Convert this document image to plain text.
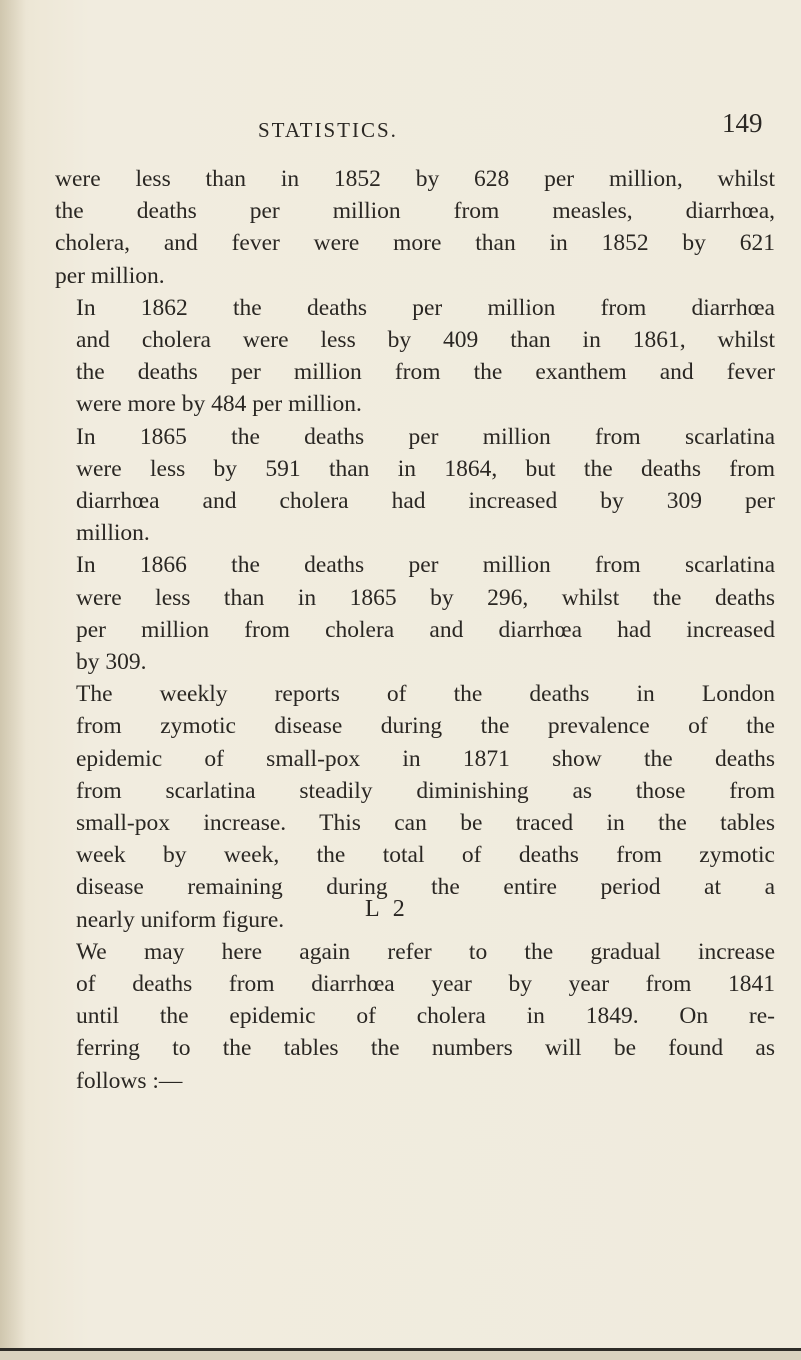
STATISTICS.	149

were less than in 1852 by 628 per million, whilst
the deaths per million from measles, diarrhœa,
cholera, and fever were more than in 1852 by 621
per million.

In 1862 the deaths per million from diarrhœa
and cholera were less by 409 than in 1861, whilst
the deaths per million from the exanthem and fever
were more by 484 per million.

In 1865 the deaths per million from scarlatina
were less by 591 than in 1864, but the deaths from
diarrhœa and cholera had increased by 309 per
million.

In 1866 the deaths per million from scarlatina
were less than in 1865 by 296, whilst the deaths
per million from cholera and diarrhœa had increased
by 309.

The weekly reports of the deaths in London
from zymotic disease during the prevalence of the
epidemic of small-pox in 1871 show the deaths
from scarlatina steadily diminishing as those from
small-pox increase. This can be traced in the tables
week by week, the total of deaths from zymotic
disease remaining during the entire period at a
nearly uniform figure.

We may here again refer to the gradual increase
of deaths from diarrhœa year by year from 1841
until the epidemic of cholera in 1849. On re-
ferring to the tables the numbers will be found as
follows :—

L 2
